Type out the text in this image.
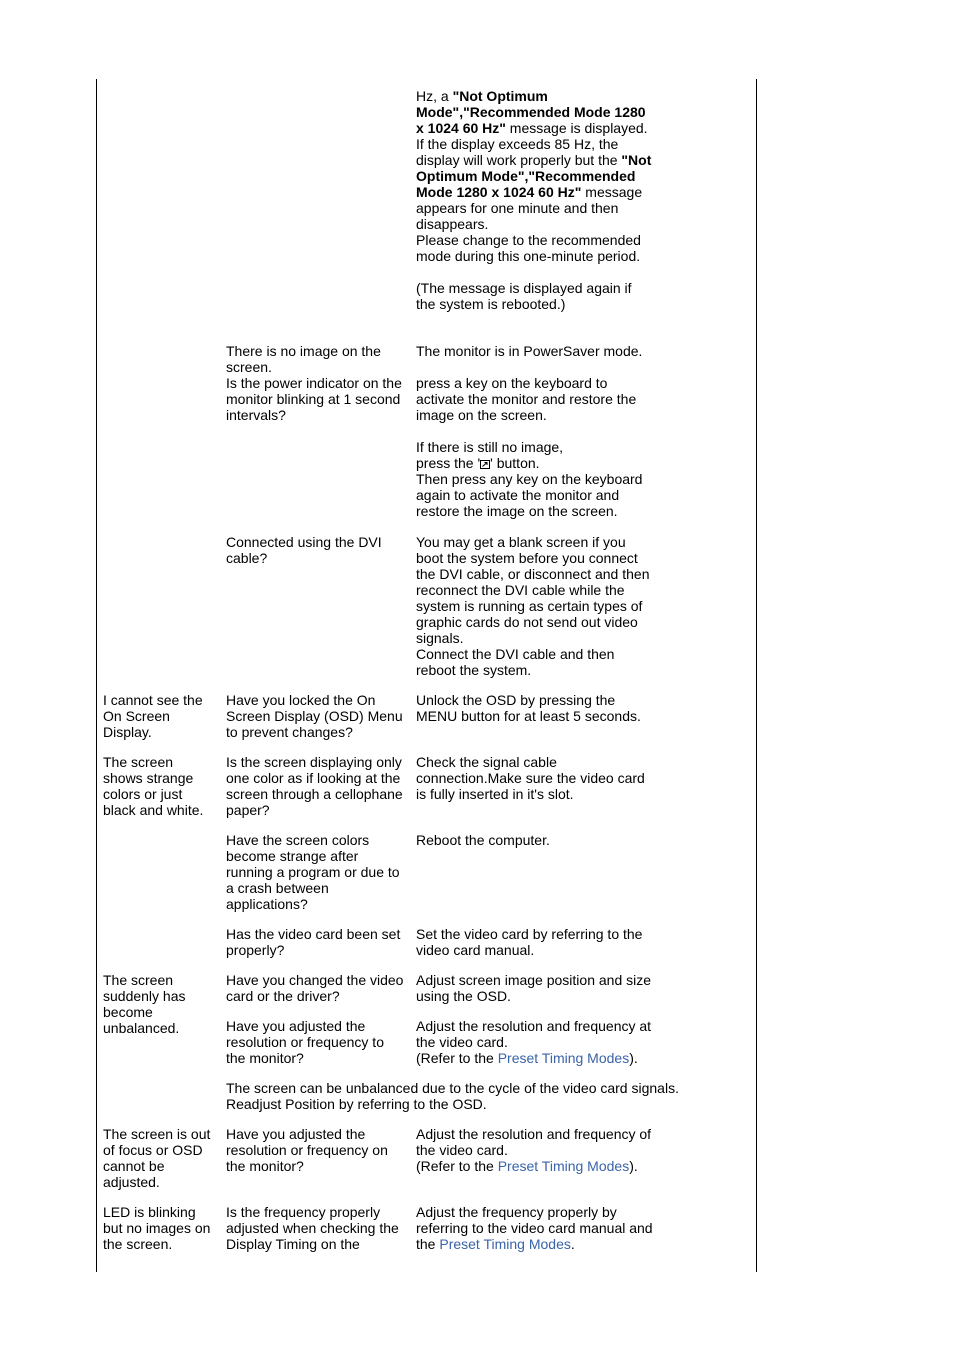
Hz, a "Not Optimum Mode","Recommended Mode 1280 x 1024 60 Hz" message is displayed. If the display exceeds 85 Hz, the display will work properly but the "Not Optimum Mode","Recommended Mode 1280 x 1024 60 Hz" message appears for one minute and then disappears.

Please change to the recommended mode during this one-minute period.

(The message is displayed again if the system is rebooted.)

There is no image on the screen.

Is the power indicator on the monitor blinking at 1 second intervals?

The monitor is in PowerSaver mode.

press a key on the keyboard to activate the monitor and restore the image on the screen.

If there is still no image,

press the ' ' button.

Then press any key on the keyboard again to activate the monitor and restore the image on the screen.

Connected using the DVI cable?

You may get a blank screen if you boot the system before you connect the DVI cable, or disconnect and then reconnect the DVI cable while the system is running as certain types of graphic cards do not send out video signals.

Connect the DVI cable and then reboot the system.

I cannot see the On Screen Display.

Have you locked the On Screen Display (OSD) Menu to prevent changes?

Unlock the OSD by pressing the MENU button for at least 5 seconds.

The screen shows strange colors or just black and white.

Is the screen displaying only one color as if looking at the screen through a cellophane paper?

Check the signal cable connection.Make sure the video card is fully inserted in it's slot.

Have the screen colors become strange after running a program or due to a crash between applications?

Reboot the computer.

Has the video card been set properly?

Set the video card by referring to the video card manual.

The screen suddenly has become unbalanced.

Have you changed the video card or the driver?

Adjust screen image position and size using the OSD.

Have you adjusted the resolution or frequency to the monitor?

Adjust the resolution and frequency at the video card.

(Refer to the Preset Timing Modes).

The screen can be unbalanced due to the cycle of the video card signals.

Readjust Position by referring to the OSD.

The screen is out of focus or OSD cannot be adjusted.

Have you adjusted the resolution or frequency on the monitor?

Adjust the resolution and frequency of the video card.

(Refer to the Preset Timing Modes).

LED is blinking but no images on the screen.

Is the frequency properly adjusted when checking the Display Timing on the

Adjust the frequency properly by referring to the video card manual and the Preset Timing Modes.
